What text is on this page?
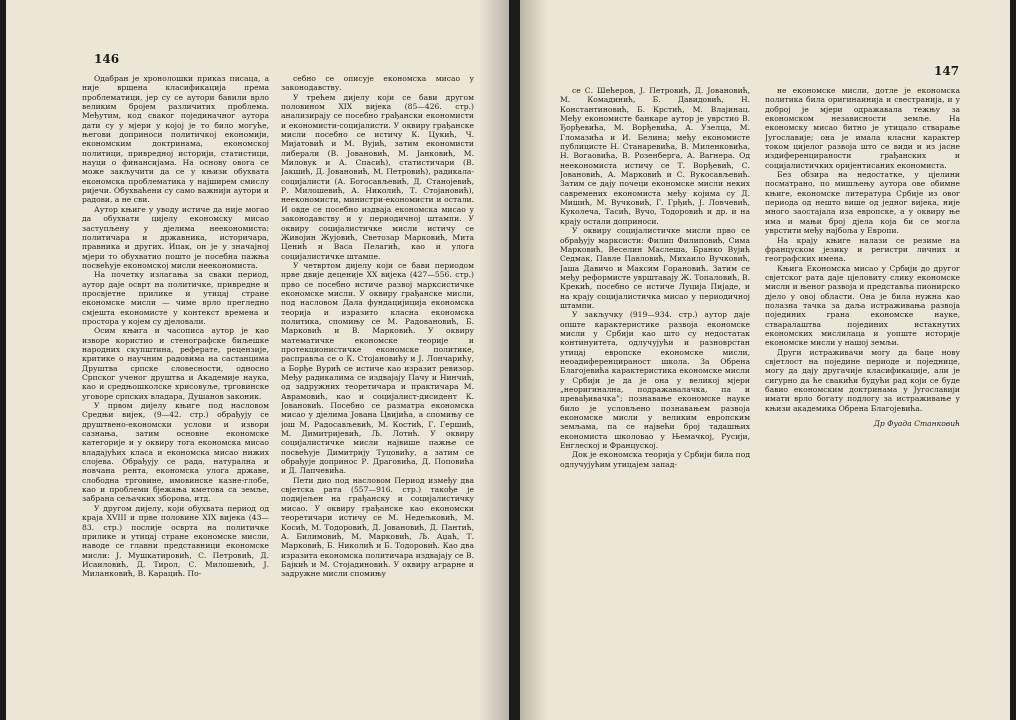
146

Одабран је хронолошки приказ писаца, а није вршена класификација према проблематици, јер су се аутори бавили врло великим бројем различитих проблема. Међутим, код сваког појединачног аутора дати су у мјери у којој је то било могуће, његови доприноси политичкој економији, економским доктринама, економској политици, привредној историји, статистици, науци о финансијама. На основу овога се може закључити да се у књизи обухвата економска проблематика у најширем смислу ријечи. Обухваћени су само важнији аутори и радови, а не сви.

Аутор књиге у уводу истиче да није могао да обухвати цијелу економску мисао заступљену у дјелима неекономиста: политичара и државника, историчара, правника и других. Ипак, он је у значајној мјери то обухватио пошто је посебна пажња посвећује економској мисли неекономиста.

На почетку излагања за сваки период, аутор даје осврт на политичке, привредне и просвјетне прилике и утицај стране економске мисли — чиме врло прегледно смјешта економисте у контекст времена и простора у којем су дјеловали.

Осим књига и часописа аутор је као изворе користио и стенографске биљешке народних скупштина, реферате, рецензије, критике о научним радовима на састанцима Друштва српске словесности, односно Српског ученог друштва и Академије наука, као и средњошколске хрисовуље, трговинске уговоре српских владара, Душанов законик.

У првом дијелу књиге под насловом Средњи вијек, (9—42. стр.) обрађују се друштвено-економски услови и извори сазнања, затим основне економске категорије и у оквиру тога економска мисао владајућих класа и економска мисао нижих слојева. Обрађују се рада, натурална и новчана рента, економска улога државе, слободна трговине, имовинске казне-глобе, као и проблеми бјежања кметова са земље, забрана сељачких зборова, итд.

У другом дијелу, који обухвата период од краја XVIII и прве половине XIX вијека (43—83. стр.) послије осврта на политичке прилике и утицај стране економске мисли, наводе се главни представници економске мисли: Ј. Мушкатировић, С. Петровић, Д. Исаиловић, Д. Тирол, С. Милошевић, Ј. Миланковић, В. Карацић. По-

себно се описује економска мисао у законодавству.

У трећем дијелу који се бави другом половином XIX вијека (85—426. стр.) анализирају се посебно грађански економисти и економисти-социјалисти. У оквиру грађанске мисли посебно се истичу К. Цукић, Ч. Мијатовић и М. Вујић, затим економисти либерали (В. Јовановић, М. Јанковић, М. Миловук и А. Спасић), статистичари (В. Јакшић, Д. Јовановић, М. Петровић), радикала-социјалисти (А. Богосављевић, Д. Станојевић, Р. Милошевић, А. Николић, Т. Стојановић), неекономисти, министри-економисти и остали. И овде се посебно издваја економска мисао у законодавству и у периодичној штампи. У оквиру социјалистичке мисли истичу се Живојин Жујовић, Светозар Марковић, Мита Ценић и Васа Пелагић, као и улога социјалистичке штампе.

У четвртом дијелу који се бави периодом прве двије деценије XX вијека (427—556. стр.) прво се посебно истиче развој марксистичке економске мисли. У оквиру грађанске мисли, под насловом Дала фундацијиција економска теорија и изразито класна економска политика, спомињу се М. Радовановић, Б. Марковић и В. Марковић. У оквиру математичке економске теорије и протекционистичке економске политике, расправља се о К. Стојановићу и Ј. Лончарићу, а Борђе Вурић се истиче као изразит ревизор. Међу радикалима се издвајају Пачу и Нинчић, од задружних теоретичара и практичара М. Аврамовић, као и социјалист-дисидент К. Јовановић. Посебно се разматра економска мисао у дјелима Јована Цвијића, а спомињу се још М. Радосављевић, М. Костић, Г. Гершић, М. Димитријевић, Љ. Лотић. У оквиру социјалистичке мисли највише пажње се посвећује Димитрију Туцовићу, а затим се обрађује допринос Р. Драговића, Д. Поповића и Д. Лапчевића.

Пети дио под насловом Период између два свјетска рата (557—916. стр.) такође је подијељен на грађанску и социјалистичку мисао. У оквиру грађанске као економски теоретичари истичу се М. Недељковић, М. Косић, М. Тодоровић, Д. Јовановић, Д. Пантић, А. Билимовић, М. Марковић, Љ. Аџаћ, Т. Марковић, Б. Николић и Б. Тодоровић. Као два изразита економска политичара издвајају се В. Бајкић и М. Стојадиновић. У оквиру аграрне и задружне мисли спомињу

147

се С. Шећеров, Ј. Петровић, Д. Јовановић, М. Комадинић, Б. Давидовић, Н. Константиновић, Б. Крстић, М. Влајинац. Међу економисте банкаре аутор је уврстио В. Ђорђевића, М. Ворђевића, А. Узелца, М. Гломазића и И. Белина; међу економисте публицисте Н. Станаревића, В. Миленковића, Н. Вогаовића, В. Розенберга, А. Вагнера. Од неекономиста истичу се Т. Ворђевић, С. Јовановић, А. Марковић и С. Вукосављевић. Затим се дају почеци економске мисли неких савремених економиста међу којима су Д. Мишић, М. Вучковић, Г. Грђић, Ј. Ловчевић, Куколеча, Тасић, Вучо, Тодоровић и др. и на крају остали доприноси.

У оквиру социјалистичке мисли прво се обрађују марксисти: Филип Филиповић, Сима Марковић, Веселин Маслеша, Бранко Вујић Седмак, Павле Павловић, Михаило Вучковић, Јаша Давичо и Максим Горановић. Затим се међу реформисте уврштавају Ж. Топаловић, В. Крекић, посебно се истиче Луција Пијаде, и на крају социјалистичка мисао у периодичној штампи.

У закључку (919—934. стр.) аутор даје опште карактеристике развоја економске мисли у Србији као што су недостатак континуитета, одлучујући и разноврстан утицај европске економске мисли, неоадиференцираност школа. За Обрена Благојевића карактеристика економске мисли у Србији је да је она у великој мјери „неоригинална, подражавалачка, па и превађивачка”; познавање економске науке било је условљено познавањем развоја економске мисли у великим европским земљама, па се највећи број тадашњих економиста школовао у Њемачкој, Русији, Енглеској и Француској.

Док је економска теорија у Србији била под одлучујућим утицајем запад-

не економске мисли, дотле је економска политика била оригинаинија и свестранија, и у доброј је мјери одражавала тежњу за економском независности земље. На економску мисао битно је утицало стварање Југославије; она је имала класни карактер током цијелог развоја што се види и из јасне издиференцираности грађанских и социјалистичких оријентисаних економиста.

Без обзира на недостатке, у цјелини посматрано, по мишљењу аутора ове обимне књиге, економске литература Србије из овог периода од нешто више од једног вијека, није много заостајала иза европске, а у оквиру ње има и мањи број дјела која би се могла уврстити међу најбоља у Европи.

На крају књиге налази се резиме на француском језику и регистри личних и географских имена.

Књига Економска мисао у Србији до другог свјетског рата даје цјеловиту слику економске мисли и њеног развоја и представља пионирско дјело у овој области. Она је била нужна као полазна тачка за даља истраживања развоја појединих грана економске науке, стваралаштва појединих истакнутих економских мислилаца и уопште историје економске мисли у нашој земљи.

Други истраживачи могу да баце нову свјетлост на поједине периоде и поједнице, могу да дају другачије класификације, али је сигурно да ће свакићи будући рад који се буде бавио економским доктринама у Југославији имати врло богату подлогу за истраживање у књизи академика Обрена Благојевића.

Др Фуада Станковић
